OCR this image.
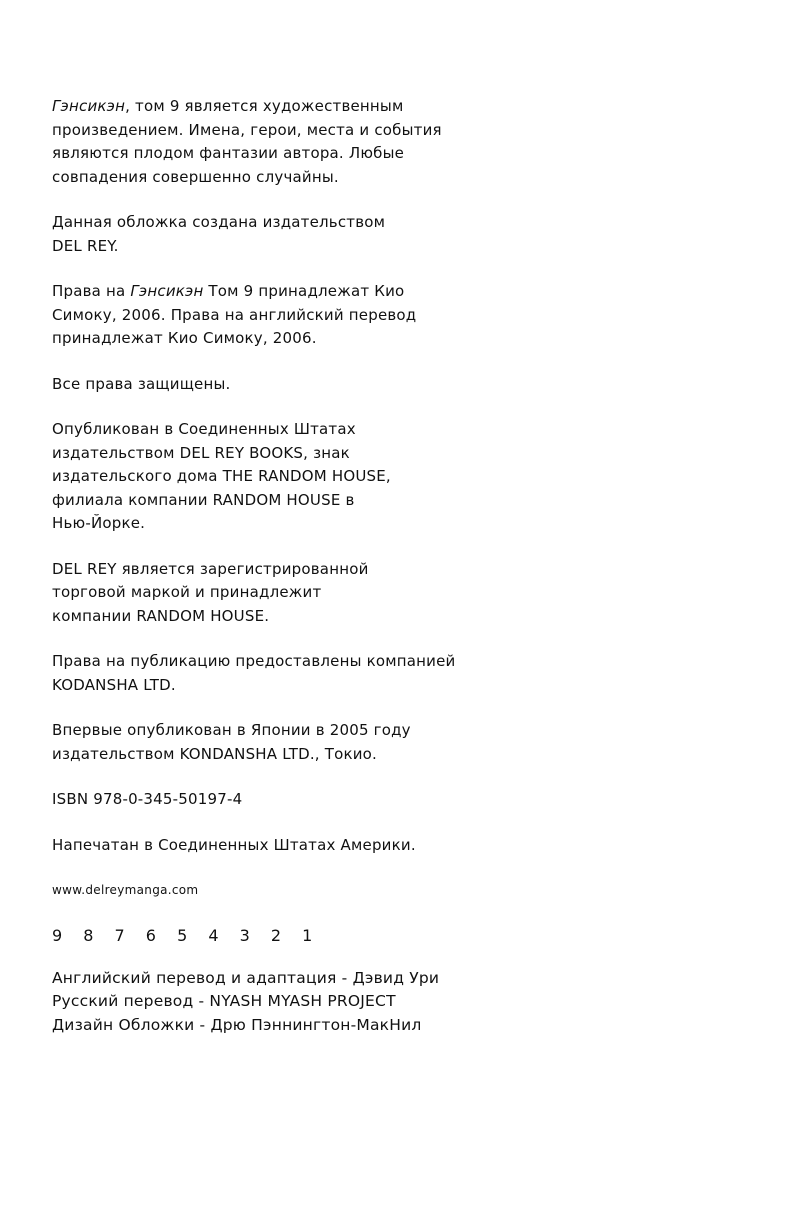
Гэнсикэн, том 9 является художественным
произведением. Имена, герои, места и события
являются плодом фантазии автора. Любые
совпадения совершенно случайны.
Данная обложка создана издательством
DEL REY.
Права на Гэнсикэн Том 9 принадлежат Кио
Симоку, 2006. Права на английский перевод
принадлежат Кио Симоку, 2006.
Все права защищены.
Опубликован в Соединенных Штатах
издательством DEL REY BOOKS, знак
издательского дома THE RANDOM HOUSE,
филиала компании RANDOM HOUSE в
Нью-Йорке.
DEL REY является зарегистрированной
торговой маркой и принадлежит
компании RANDOM HOUSE.
Права на публикацию предоставлены компанией
KODANSHA LTD.
Впервые опубликован в Японии в 2005 году
издательством KONDANSHA LTD., Токио.
ISBN 978-0-345-50197-4
Напечатан в Соединенных Штатах Америки.
www.delreymanga.com
9 8 7 6 5 4 3 2 1
Английский перевод и адаптация - Дэвид Ури
Русский перевод - NYASH MYASH PROJECT
Дизайн Обложки - Дрю Пэннингтон-МакНил
